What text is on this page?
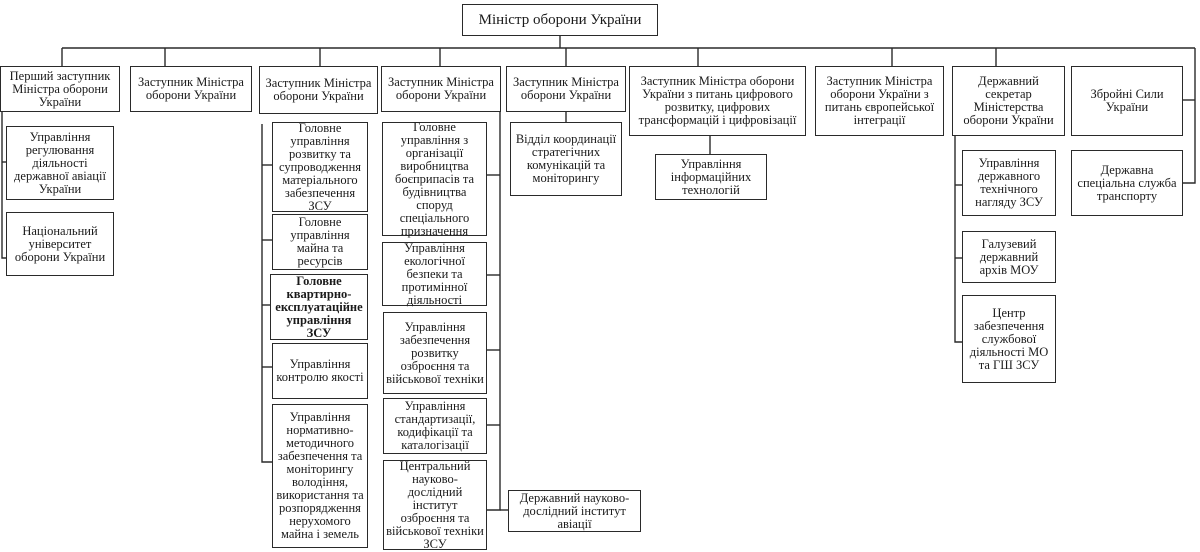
Міністр оборони України
Перший заступник Міністра оборони України
Заступник Міністра оборони України
Заступник Міністра оборони України
Заступник Міністра оборони України
Заступник Міністра оборони України
Заступник Міністра оборони України з питань цифрового розвитку, цифрових трансформацій і цифровізації
Заступник Міністра оборони України з питань європейської інтеграції
Державний секретар Міністерства оборони України
Збройні Сили України
Управління регулювання діяльності державної авіації України
Національний університет оборони України
Головне управління розвитку та супроводження матеріального забезпечення ЗСУ
Головне управління майна та ресурсів
Головне квартирно-експлуатаційне управління ЗСУ
Управління контролю якості
Управління нормативно-методичного забезпечення та моніторингу володіння, використання та розпорядження нерухомого майна і земель
Головне управління з організації виробництва боєприпасів та будівництва споруд спеціального призначення
Управління екологічної безпеки та протимінної діяльності
Управління забезпечення розвитку озброєння та військової техніки
Управління стандартизації, кодифікації та каталогізації
Центральний науково-дослідний інститут озброєння та військової техніки ЗСУ
Державний науково-дослідний інститут авіації
Відділ координації стратегічних комунікацій та моніторингу
Управління інформаційних технологій
Управління державного технічного нагляду ЗСУ
Галузевий державний архів МОУ
Центр забезпечення службової діяльності МО та ГШ ЗСУ
Державна спеціальна служба транспорту
